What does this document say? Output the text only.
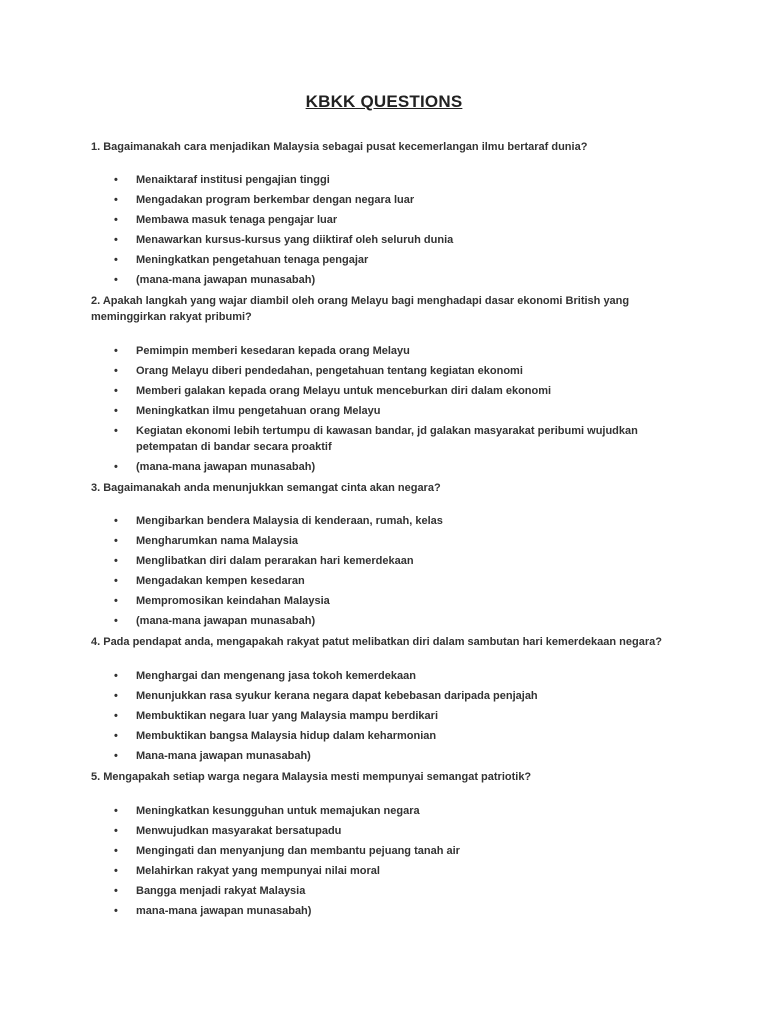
KBKK QUESTIONS
1. Bagaimanakah cara menjadikan Malaysia sebagai pusat kecemerlangan ilmu bertaraf dunia?
•	Menaiktaraf institusi pengajian tinggi
•	Mengadakan program berkembar dengan negara luar
•	Membawa masuk tenaga pengajar luar
•	Menawarkan kursus-kursus yang diiktiraf oleh seluruh dunia
•	Meningkatkan pengetahuan tenaga pengajar
•	(mana-mana jawapan munasabah)
2. Apakah langkah yang wajar diambil oleh orang Melayu bagi menghadapi dasar ekonomi British yang meminggirkan rakyat pribumi?
•	Pemimpin memberi kesedaran kepada orang Melayu
•	Orang Melayu diberi pendedahan, pengetahuan tentang kegiatan ekonomi
•	Memberi galakan kepada orang Melayu untuk menceburkan diri dalam ekonomi
•	Meningkatkan ilmu pengetahuan orang Melayu
•	Kegiatan ekonomi lebih tertumpu di kawasan bandar, jd galakan masyarakat peribumi wujudkan petempatan di bandar secara proaktif
•	(mana-mana jawapan munasabah)
3. Bagaimanakah anda menunjukkan semangat cinta akan negara?
•	Mengibarkan bendera Malaysia di kenderaan, rumah, kelas
•	Mengharumkan nama Malaysia
•	Menglibatkan diri dalam perarakan hari kemerdekaan
•	Mengadakan kempen kesedaran
•	Mempromosikan keindahan Malaysia
•	(mana-mana jawapan munasabah)
4. Pada pendapat anda, mengapakah rakyat patut melibatkan diri dalam sambutan hari kemerdekaan negara?
•	Menghargai dan mengenang jasa tokoh kemerdekaan
•	Menunjukkan rasa syukur kerana negara dapat kebebasan daripada penjajah
•	Membuktikan negara luar yang Malaysia mampu berdikari
•	Membuktikan bangsa Malaysia hidup dalam keharmonian
•	Mana-mana jawapan munasabah)
5. Mengapakah setiap warga negara Malaysia mesti mempunyai semangat patriotik?
•	Meningkatkan kesungguhan untuk memajukan negara
•	Menwujudkan masyarakat bersatupadu
•	Mengingati dan menyanjung dan membantu pejuang tanah air
•	Melahirkan rakyat yang mempunyai nilai moral
•	Bangga menjadi rakyat Malaysia
•	mana-mana jawapan munasabah)
